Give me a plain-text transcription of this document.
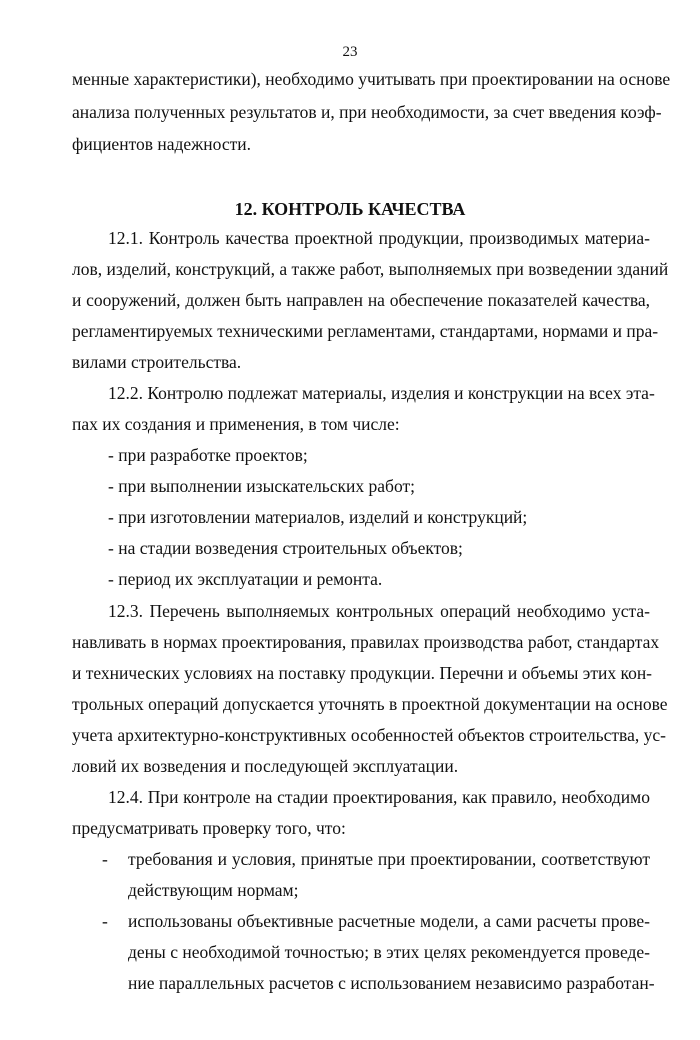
23
менные характеристики), необходимо учитывать при проектировании на основе
анализа полученных результатов и, при необходимости, за счет введения коэф-
фициентов надежности.
12. КОНТРОЛЬ КАЧЕСТВА
12.1. Контроль качества проектной продукции, производимых материа-
лов, изделий, конструкций, а также работ, выполняемых при возведении зданий
и сооружений, должен быть направлен на обеспечение показателей качества,
регламентируемых техническими регламентами, стандартами, нормами и пра-
вилами строительства.
12.2. Контролю подлежат материалы, изделия и конструкции на всех эта-
пах их создания и применения, в том числе:
- при разработке проектов;
- при выполнении изыскательских работ;
- при изготовлении материалов, изделий и конструкций;
- на стадии возведения строительных объектов;
- период их эксплуатации и ремонта.
12.3. Перечень выполняемых контрольных операций необходимо уста-
навливать в нормах проектирования, правилах производства работ, стандартах
и технических условиях на поставку продукции. Перечни и объемы этих кон-
трольных операций допускается уточнять в проектной документации на основе
учета архитектурно-конструктивных особенностей объектов строительства, ус-
ловий их возведения и последующей эксплуатации.
12.4. При контроле на стадии проектирования, как правило, необходимо
предусматривать проверку того, что:
- требования и условия, принятые при проектировании, соответствуют
действующим нормам;
- использованы объективные расчетные модели, а сами расчеты прове-
дены с необходимой точностью; в этих целях рекомендуется проведе-
ние параллельных расчетов с использованием независимо разработан-
